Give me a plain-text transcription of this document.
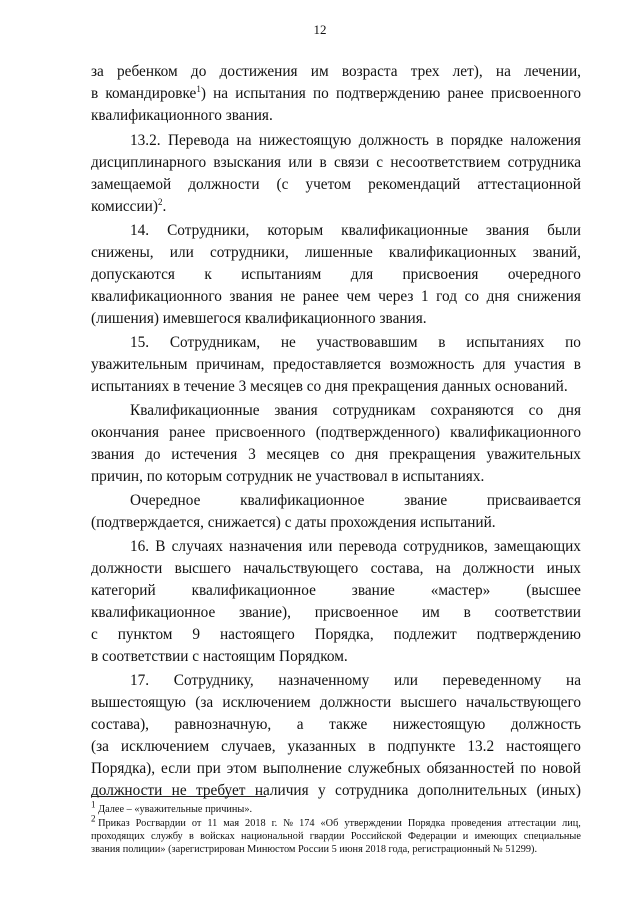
12
за ребенком до достижения им возраста трех лет), на лечении,
в командировке$^1$) на испытания по подтверждению ранее присвоенного
квалификационного звания.
13.2. Перевода на нижестоящую должность в порядке наложения
дисциплинарного взыскания или в связи с несоответствием сотрудника
замещаемой должности (с учетом рекомендаций аттестационной
комиссии)$^2$.
14. Сотрудники, которым квалификационные звания были
снижены, или сотрудники, лишенные квалификационных званий,
допускаются к испытаниям для присвоения очередного
квалификационного звания не ранее чем через 1 год со дня снижения
(лишения) имевшегося квалификационного звания.
15. Сотрудникам, не участвовавшим в испытаниях по
уважительным причинам, предоставляется возможность для участия в
испытаниях в течение 3 месяцев со дня прекращения данных оснований.
Квалификационные звания сотрудникам сохраняются со дня
окончания ранее присвоенного (подтвержденного) квалификационного
звания до истечения 3 месяцев со дня прекращения уважительных
причин, по которым сотрудник не участвовал в испытаниях.
Очередное	квалификационное	звание	присваивается
(подтверждается, снижается) с даты прохождения испытаний.
16. В случаях назначения или перевода сотрудников, замещающих
должности высшего начальствующего состава, на должности иных
категорий квалификационное звание «мастер» (высшее
квалификационное звание), присвоенное им в соответствии
с пунктом 9 настоящего Порядка, подлежит подтверждению
в соответствии с настоящим Порядком.
17. Сотруднику, назначенному или переведенному на
вышестоящую (за исключением должности высшего начальствующего
состава), равнозначную, а также нижестоящую должность
(за исключением случаев, указанных в подпункте 13.2 настоящего
Порядка), если при этом выполнение служебных обязанностей по новой
должности не требует наличия у сотрудника дополнительных (иных)
$^1$ Далее – «уважительные причины».
$^2$ Приказ Росгвардии от 11 мая 2018 г. № 174 «Об утверждении Порядка проведения аттестации лиц,
проходящих службу в войсках национальной гвардии Российской Федерации и имеющих специальные
звания полиции» (зарегистрирован Минюстом России 5 июня 2018 года, регистрационный № 51299).
